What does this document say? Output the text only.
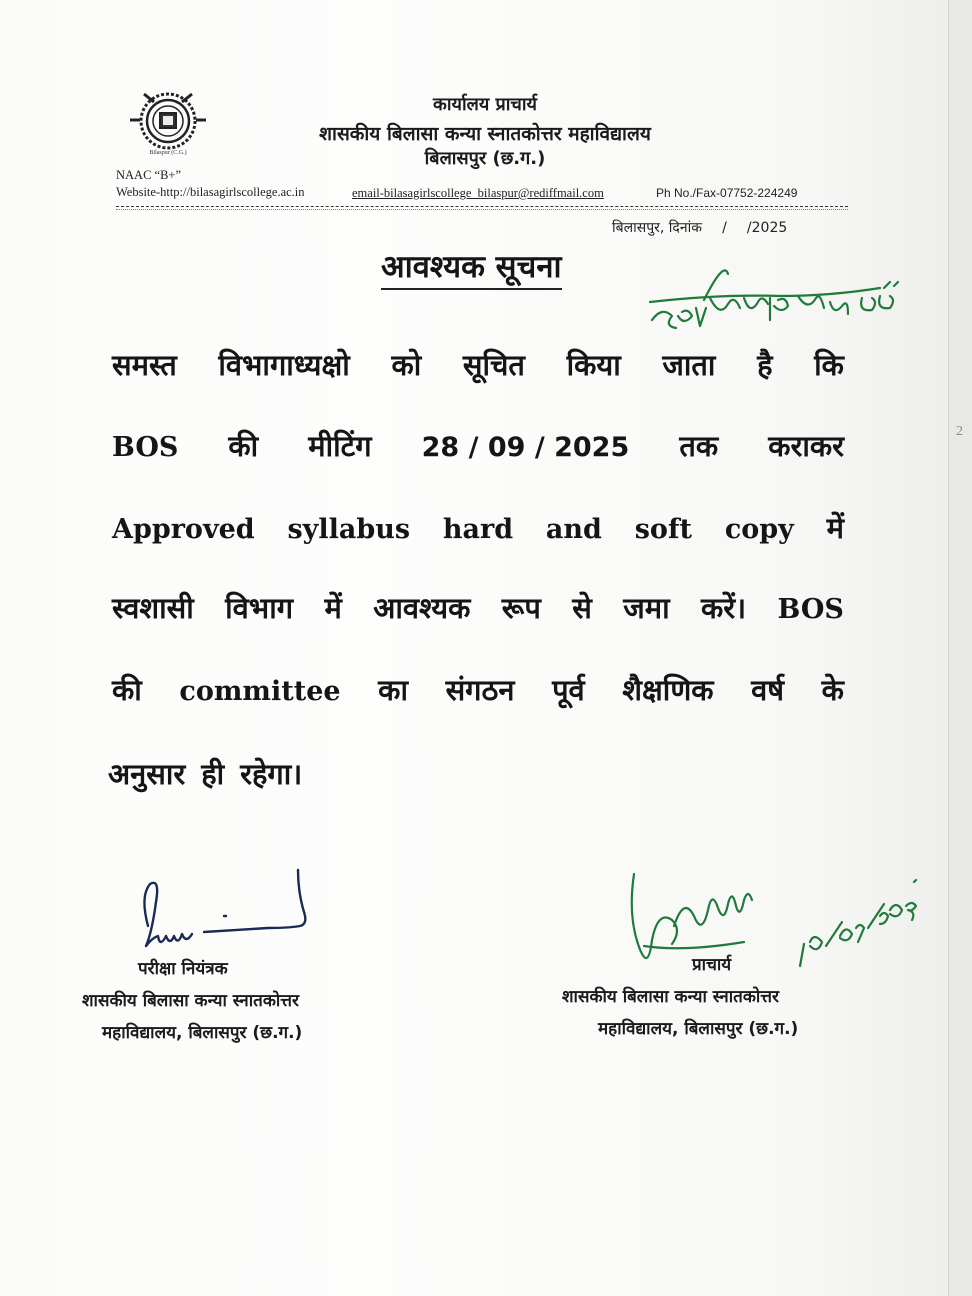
2
Bilaspur (C.G.)
कार्यालय प्राचार्य
शासकीय बिलासा कन्या स्नातकोत्तर महाविद्यालय
बिलासपुर (छ.ग.)
NAAC “B+”
Website-http://bilasagirlscollege.ac.in	email-bilasagirlscollege_bilaspur@rediffmail.com	Ph No./Fax-07752-224249
बिलासपुर, दिनांक / /2025
आवश्यक सूचना	सर्व प्राध्यापक दें
समस्त विभागाध्यक्षो को सूचित किया जाता है कि
BOS की मीटिंग 28 / 09 / 2025 तक कराकर
Approved syllabus hard and soft copy में
स्वशासी विभाग में आवश्यक रूप से जमा करें। BOS
की committee का संगठन पूर्व शैक्षणिक वर्ष के
अनुसार ही रहेगा।
परीक्षा नियंत्रक
शासकीय बिलासा कन्या स्नातकोत्तर
महाविद्यालय, बिलासपुर (छ.ग.)
प्राचार्य
शासकीय बिलासा कन्या स्नातकोत्तर
महाविद्यालय, बिलासपुर (छ.ग.)
